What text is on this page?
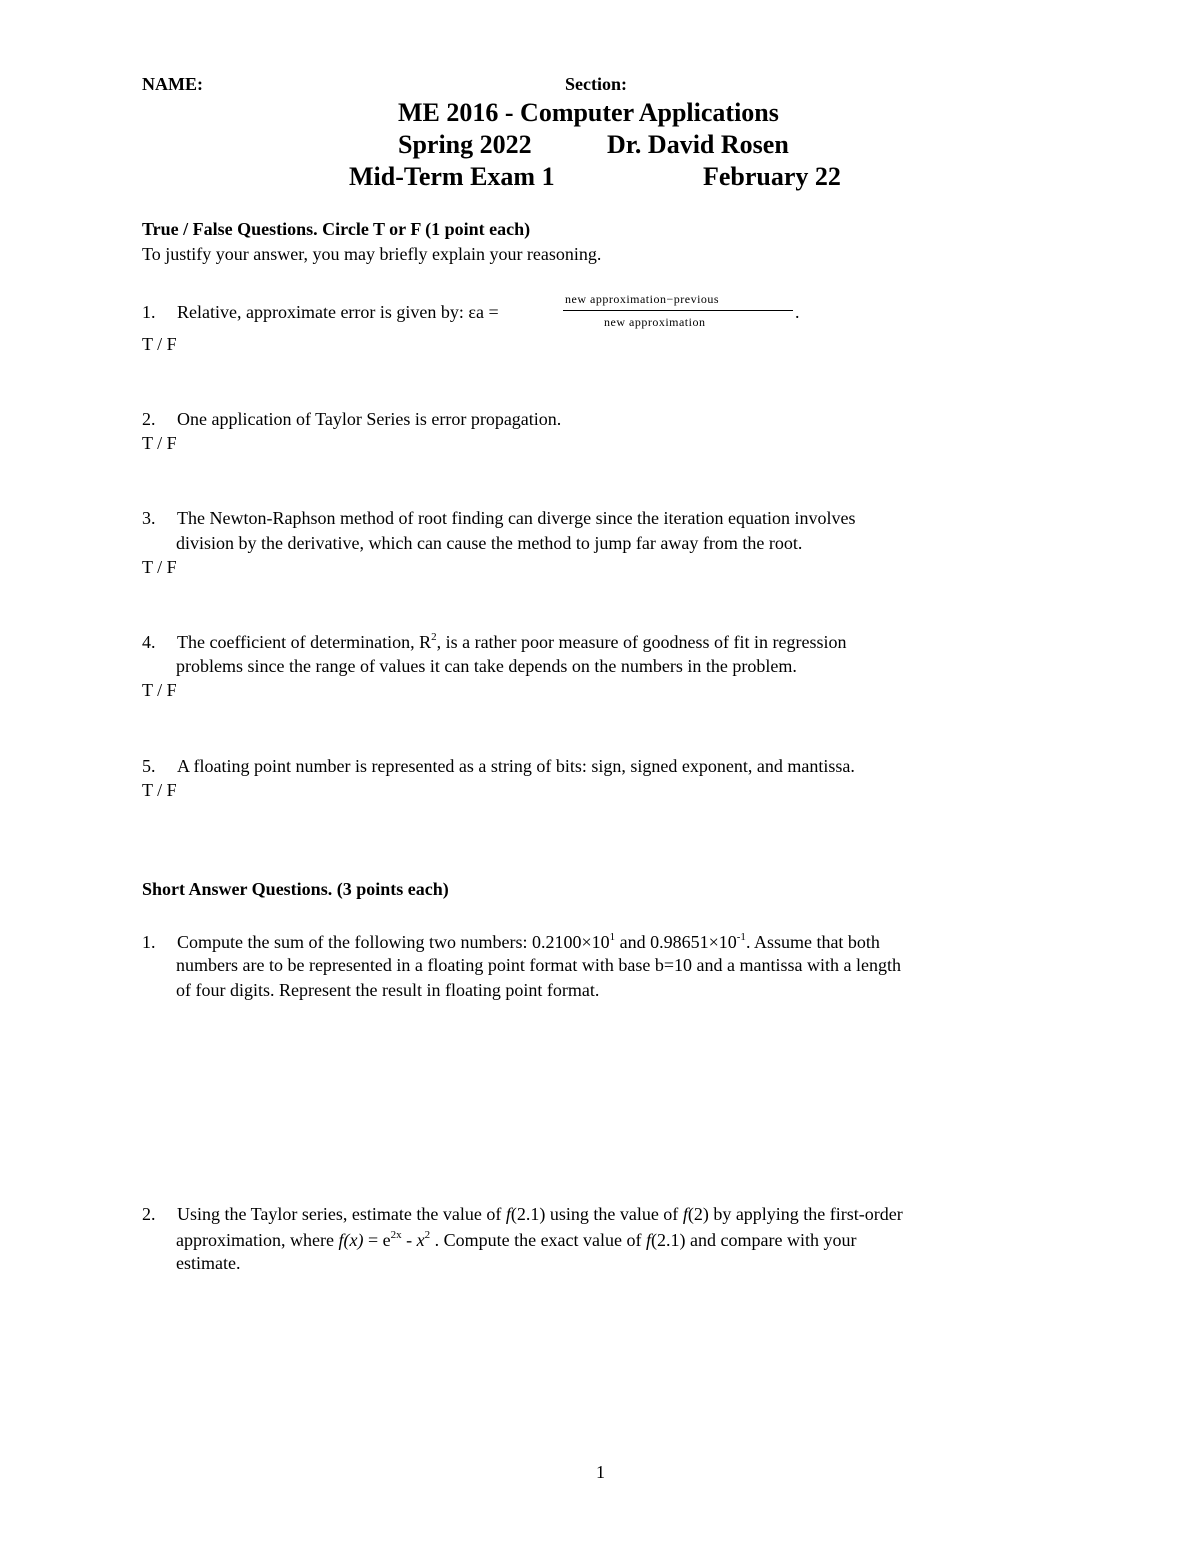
NAME:	Section:
ME 2016 - Computer Applications
Spring 2022	Dr. David Rosen
Mid-Term Exam 1	February 22
True / False Questions. Circle T or F (1 point each)
To justify your answer, you may briefly explain your reasoning.
1. Relative, approximate error is given by: εa =
new approximation−previous
new approximation	.
T / F
2. One application of Taylor Series is error propagation.
T / F
3. The Newton-Raphson method of root finding can diverge since the iteration equation involves
division by the derivative, which can cause the method to jump far away from the root.
T / F
4. The coefficient of determination, $R^2$, is a rather poor measure of goodness of fit in regression
problems since the range of values it can take depends on the numbers in the problem.
T / F
5. A floating point number is represented as a string of bits: sign, signed exponent, and mantissa.
T / F
Short Answer Questions. (3 points each)
1. Compute the sum of the following two numbers: $0.2100\times 10^1$ and $0.98651\times 10^{-1}$. Assume that both
numbers are to be represented in a floating point format with base b=10 and a mantissa with a length
of four digits. Represent the result in floating point format.
2. Using the Taylor series, estimate the value of f(2.1) using the value of f(2) by applying the first-order
approximation, where $f(x) = e^{2x} - x^2$ . Compute the exact value of f(2.1) and compare with your
estimate.
1
